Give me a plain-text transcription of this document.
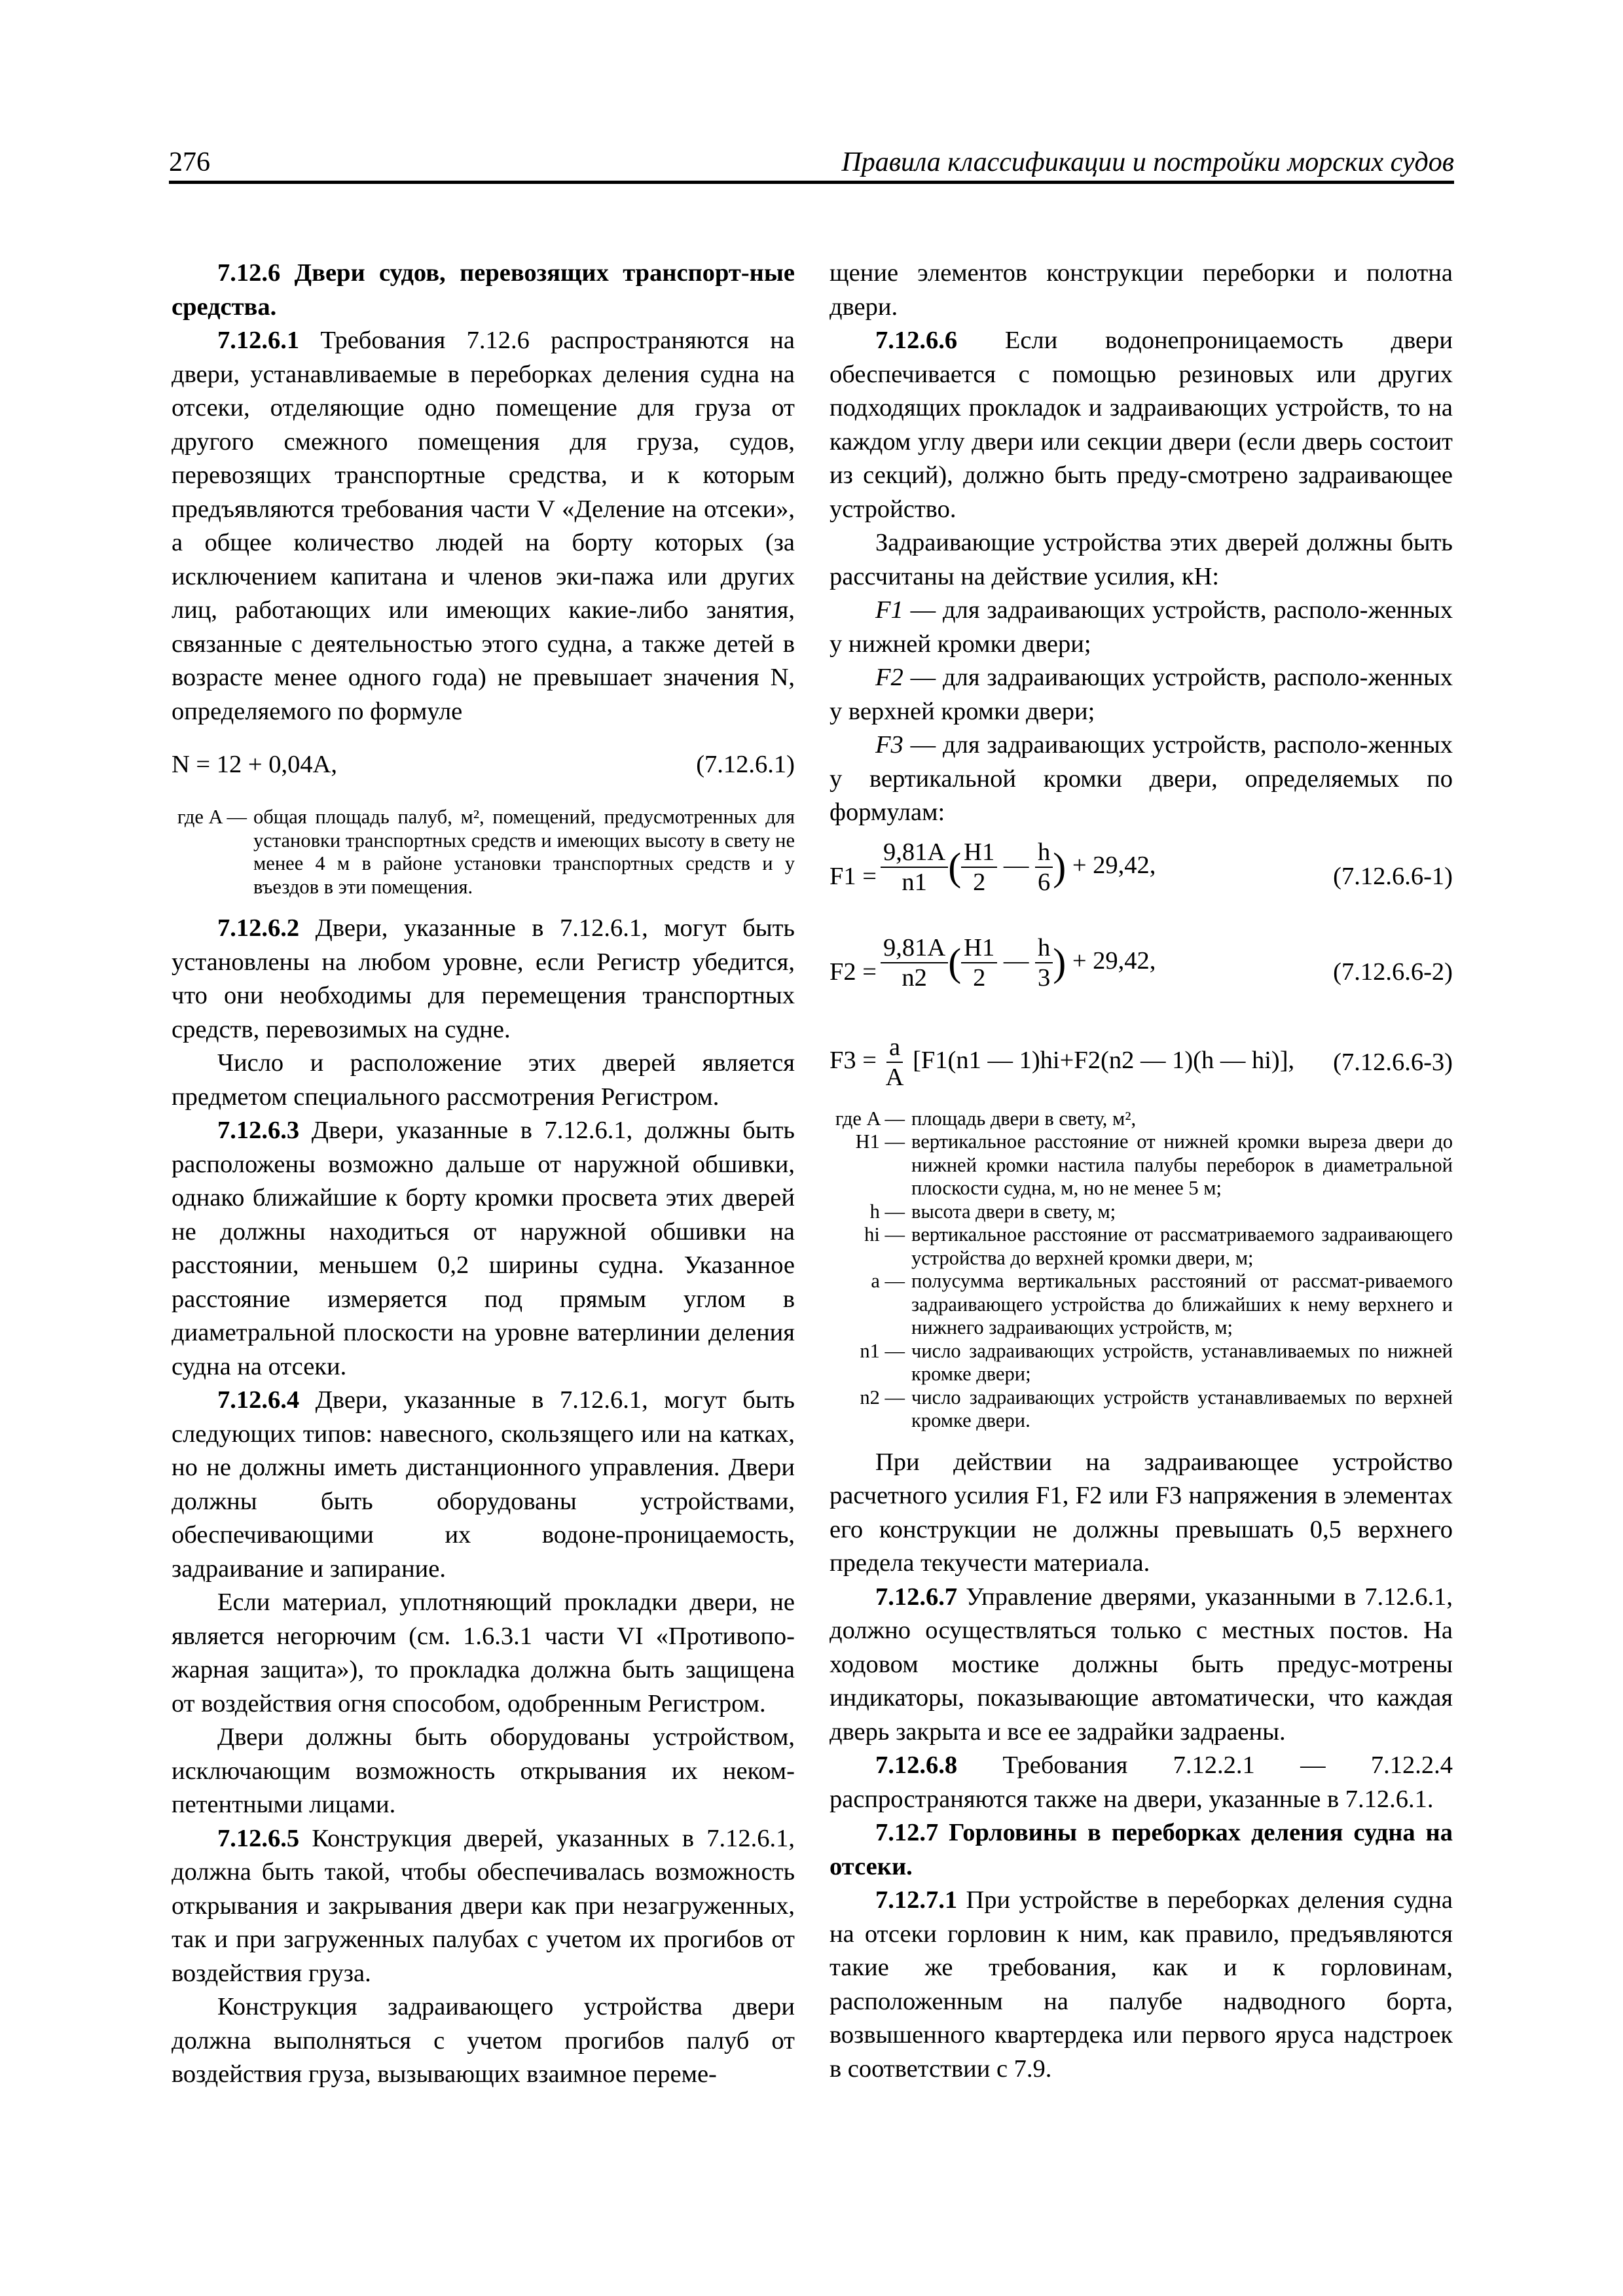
276	Правила классификации и постройки морских судов

7.12.6 Двери судов, перевозящих транспорт-ные средства.

7.12.6.1 Требования 7.12.6 распространяются на двери, устанавливаемые в переборках деления судна на отсеки, отделяющие одно помещение для груза от другого смежного помещения для груза, судов, перевозящих транспортные средства, и к которым предъявляются требования части V «Деление на отсеки», а общее количество людей на борту которых (за исключением капитана и членов эки-пажа или других лиц, работающих или имеющих какие-либо занятия, связанные с деятельностью этого судна, а также детей в возрасте менее одного года) не превышает значения N, определяемого по формуле

N = 12 + 0,04A,	(7.12.6.1)
где A — общая площадь палуб, м², помещений, предусмотренных для установки транспортных средств и имеющих высоту в свету не менее 4 м в районе установки транспортных средств и у въездов в эти помещения.

7.12.6.2 Двери, указанные в 7.12.6.1, могут быть установлены на любом уровне, если Регистр убедится, что они необходимы для перемещения транспортных средств, перевозимых на судне.

Число и расположение этих дверей является предметом специального рассмотрения Регистром.

7.12.6.3 Двери, указанные в 7.12.6.1, должны быть расположены возможно дальше от наружной обшивки, однако ближайшие к борту кромки просвета этих дверей не должны находиться от наружной обшивки на расстоянии, меньшем 0,2 ширины судна. Указанное расстояние измеряется под прямым углом в диаметральной плоскости на уровне ватерлинии деления судна на отсеки.

7.12.6.4 Двери, указанные в 7.12.6.1, могут быть следующих типов: навесного, скользящего или на катках, но не должны иметь дистанционного управления. Двери должны быть оборудованы устройствами, обеспечивающими их водоне-проницаемость, задраивание и запирание.

Если материал, уплотняющий прокладки двери, не является негорючим (см. 1.6.3.1 части VI «Противопо-жарная защита»), то прокладка должна быть защищена от воздействия огня способом, одобренным Регистром.

Двери должны быть оборудованы устройством, исключающим возможность открывания их неком-петентными лицами.

7.12.6.5 Конструкция дверей, указанных в 7.12.6.1, должна быть такой, чтобы обеспечивалась возможность открывания и закрывания двери как при незагруженных, так и при загруженных палубах с учетом их прогибов от воздействия груза.

Конструкция задраивающего устройства двери должна выполняться с учетом прогибов палуб от воздействия груза, вызывающих взаимное переме-

щение элементов конструкции переборки и полотна двери.

7.12.6.6 Если водонепроницаемость двери обеспечивается с помощью резиновых или других подходящих прокладок и задраивающих устройств, то на каждом углу двери или секции двери (если дверь состоит из секций), должно быть преду-смотрено задраивающее устройство.

Задраивающие устройства этих дверей должны быть рассчитаны на действие усилия, кН:

F1 — для задраивающих устройств, располо-женных у нижней кромки двери;

F2 — для задраивающих устройств, располо-женных у верхней кромки двери;

F3 — для задраивающих устройств, располо-женных у вертикальной кромки двери, определяемых по формулам:

$F1 = \frac{9,81A}{n1}$ ( $\frac{H1}{2}$ — $\frac{h}{6}$ ) + 29,42,	(7.12.6.6-1)
$F2 = \frac{9,81A}{n2}$ ( $\frac{H1}{2}$ — $\frac{h}{3}$ ) + 29,42,	(7.12.6.6-2)
$F3 = \frac{a}{A} [F1(n1$ — 1)hi+F2(n2 — 1)(h — hi)], (7.12.6.6-3)
где A — площадь двери в свету, м²,
H1 — вертикальное расстояние от нижней кромки выреза двери до нижней кромки настила палубы переборок в диаметральной плоскости судна, м, но не менее 5 м;
h — высота двери в свету, м;
hi — вертикальное расстояние от рассматриваемого задраивающего устройства до верхней кромки двери, м;
a — полусумма вертикальных расстояний от рассмат-риваемого задраивающего устройства до ближайших к нему верхнего и нижнего задраивающих устройств, м;
n1 — число задраивающих устройств, устанавливаемых по нижней кромке двери;
n2 — число задраивающих устройств устанавливаемых по верхней кромке двери.

При действии на задраивающее устройство расчетного усилия F1, F2 или F3 напряжения в элементах его конструкции не должны превышать 0,5 верхнего предела текучести материала.

7.12.6.7 Управление дверями, указанными в 7.12.6.1, должно осуществляться только с местных постов. На ходовом мостике должны быть предус-мотрены индикаторы, показывающие автоматически, что каждая дверь закрыта и все ее задрайки задраены.

7.12.6.8 Требования 7.12.2.1 — 7.12.2.4 распространяются также на двери, указанные в 7.12.6.1.

7.12.7 Горловины в переборках деления судна на отсеки.

7.12.7.1 При устройстве в переборках деления судна на отсеки горловин к ним, как правило, предъявляются такие же требования, как и к горловинам, расположенным на палубе надводного борта, возвышенного квартердека или первого яруса надстроек в соответствии с 7.9.
